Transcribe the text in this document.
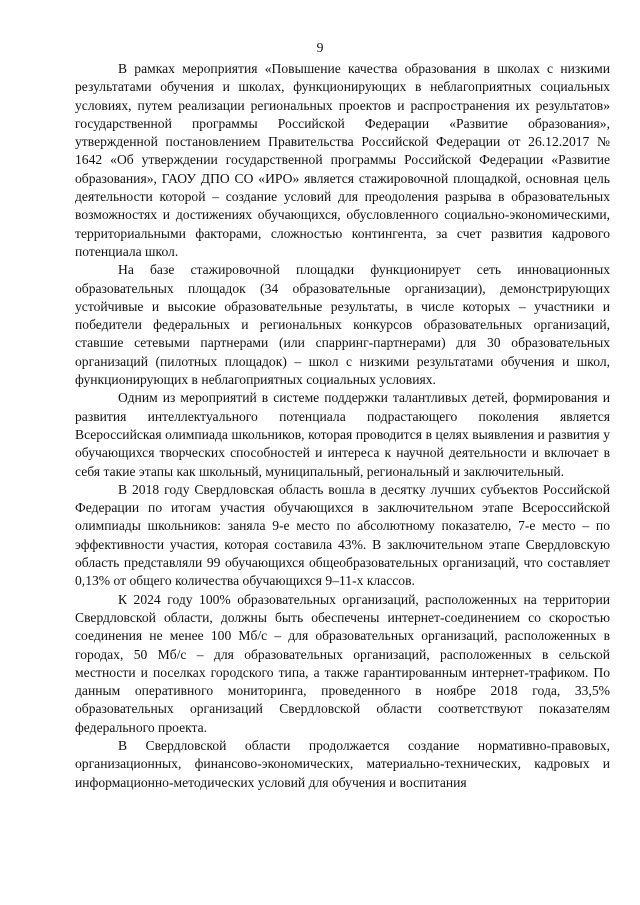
9

В рамках мероприятия «Повышение качества образования в школах с низкими результатами обучения и школах, функционирующих в неблагоприятных социальных условиях, путем реализации региональных проектов и распространения их результатов» государственной программы Российской Федерации «Развитие образования», утвержденной постановлением Правительства Российской Федерации от 26.12.2017 № 1642 «Об утверждении государственной программы Российской Федерации «Развитие образования», ГАОУ ДПО СО «ИРО» является стажировочной площадкой, основная цель деятельности которой – создание условий для преодоления разрыва в образовательных возможностях и достижениях обучающихся, обусловленного социально-экономическими, территориальными факторами, сложностью контингента, за счет развития кадрового потенциала школ.

На базе стажировочной площадки функционирует сеть инновационных образовательных площадок (34 образовательные организации), демонстрирующих устойчивые и высокие образовательные результаты, в числе которых – участники и победители федеральных и региональных конкурсов образовательных организаций, ставшие сетевыми партнерами (или спарринг-партнерами) для 30 образовательных организаций (пилотных площадок) – школ с низкими результатами обучения и школ, функционирующих в неблагоприятных социальных условиях.

Одним из мероприятий в системе поддержки талантливых детей, формирования и развития интеллектуального потенциала подрастающего поколения является Всероссийская олимпиада школьников, которая проводится в целях выявления и развития у обучающихся творческих способностей и интереса к научной деятельности и включает в себя такие этапы как школьный, муниципальный, региональный и заключительный.

В 2018 году Свердловская область вошла в десятку лучших субъектов Российской Федерации по итогам участия обучающихся в заключительном этапе Всероссийской олимпиады школьников: заняла 9-е место по абсолютному показателю, 7-е место – по эффективности участия, которая составила 43%. В заключительном этапе Свердловскую область представляли 99 обучающихся общеобразовательных организаций, что составляет 0,13% от общего количества обучающихся 9–11-х классов.

К 2024 году 100% образовательных организаций, расположенных на территории Свердловской области, должны быть обеспечены интернет-соединением со скоростью соединения не менее 100 Мб/с – для образовательных организаций, расположенных в городах, 50 Мб/с – для образовательных организаций, расположенных в сельской местности и поселках городского типа, а также гарантированным интернет-трафиком. По данным оперативного мониторинга, проведенного в ноябре 2018 года, 33,5% образовательных организаций Свердловской области соответствуют показателям федерального проекта.

В Свердловской области продолжается создание нормативно-правовых, организационных, финансово-экономических, материально-технических, кадровых и информационно-методических условий для обучения и воспитания
